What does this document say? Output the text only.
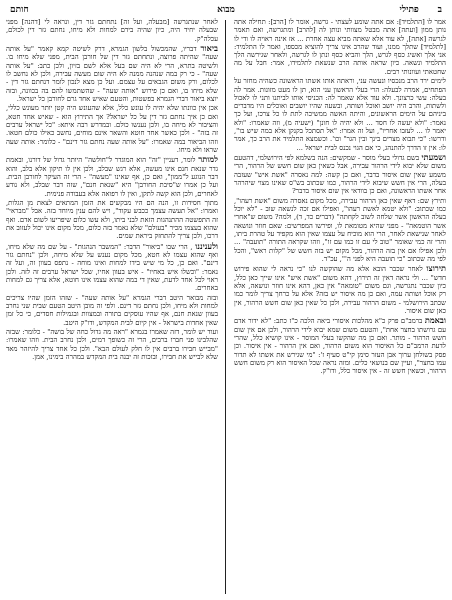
ב      פתילי
מבוא
חותם

אמר לו [התלמיד]: אם אתה שומע לעצתי - גרשה, אומר לו [הרב]: תחילה אתה נותן ממון [ועתה] אתה מבטל מצוותי ונותן לה [להרב] ומתגרשה, ואם תאמר לגרשה [אתה], לא עוד אלא שאתה מביא עצה אחרת ... אז אינה ראויה לו ודי לו [לתלמיד] שתלך ממנו, ועוד שהרב אינו צריך להוציא מכספו, ואמר לו התלמיד: אני אלך ואשיג כסף לגרש, הלך והביא כסף ונתן לו לגרשה, ולאחר שגירשה הלך התלמיד ונשאה. כיון שראה אותה הרב שנשאת לתלמידו, אמר: חבל על מה שחטאתי ועוונותי רבים.

לימים ירד הרב מנכסיו ונעשה עני, וראתה אותו אשתו הראשונה כשהיה מחזר על הפתחים, אמרה לבעלה: הרי בעלי הראשון עני הוא, תן לו מעט מזונות. אמר לה בעלה: עשי כרצונך. ולא עוד אלא שאמר לה: הכניסי אותו לביתנו ותני לו לאכול ולשתות, והרב היה יושב ואוכל ושותה, ובשעה שהיו יושבים ואוכלים היו מדברים ביניהם על הימים הראשונים, והיתה האשה ממשיכה לתת לו כל צרכו, ועל כך נאמר: "ולא יעשה לו חסד ... ולא יהיה לו חונן" (ישעיה מ), וזה שאמרו: "ולא יאמר לו ... לעזבו אחריו", ועל זה אמרו: "אל תסתכל בקנקן אלא במה שיש בו", ודרשו: "כי תבוא מצרים בינך ובין הגר" וכו'. וכשמצא התלמיד את הרב כך, אמר לו: אין זו הדרך להתנהג, כי אם הגוי נכנס לבית ישראל ...

ושמעתי בשם גדולי בעלי מוסר - שמקשים: הנה בשלמא לפי הירושלמי, דהטעם משום שלא יבוא לידי הרהור עבירה, אבל כשאין כאן שום חשש של הרהור, הרי משמע שאין שום איסור בדבר, ואם כן קשה: למה נאסרה "אשת איש" שעזבה בעלה, הרי אין חשש שיבוא לידי הרהור, כמו שכתוב בש"ס שאינו מצוי שיהרהר אחר אשתו הראשונה, ואם כן בוודאי אין שום איסור בדבר?

ותירץ שם: דאף שאין כאן הרהור עבירה, מכל מקום נאסרה משום "אשת רעהו", כמו שכתוב: "ולא יטמא לאשת רעהו", ואפילו אם זכה לנשאה שוב - "לא יוכל בעלה הראשון אשר שלחה לשוב לקחתה" (דברים כד, ד), ולמה? משום ש"אחרי אשר הוטמאה" - מפני שהיא מטומאת לו, ופירשו המפרשים: שאם חוזר ונושאה לאחר שנישאת לאחר, הרי הוא מוכיח על עצמו שאין הוא מקפיד על טהרת ביתו, והרי זה כמי שאומר "טוב לי עם זו כמו עם זו", וזהו שקראה התורה "תועבה" ... ולכן אפילו אם אין בזה הרהור, מכל מקום יש בזה חשש של "קלות ראש", והכל לפי מה שכתוב "כי תועבה היא לפני ה'", עכ"ד.

תירוצו לאחר שכבר הובא אלא מה שהוקשה לנו "כי נראה לי שהוא פירוש חדש" ... ולי נראה דאין זה תירוץ, דהא משום "אשת איש" אינו שייך כאן כלל, כיון שכבר נתגרשה, וגם משום "טומאה" אין כאן, דהא אינו חוזר ונושאה, אלא רק אוכל ושותה עמה, ואם כן מה איסור יש בזה? אלא על כרחך צריך לומר כמו שכתב הירושלמי - משום הרהור עבירה, ולכן כל שאין כאן שום חשש הרהור, אין כאן שום איסור.

ובאמת ברמב"ם פרק כ"א מהלכות איסורי ביאה הלכה כ"ז כתב: "לא ידור אדם עם גרושתו בחצר אחת", והטעם משום שמא יבוא לידי הרהור, ולכן אם אין שום חשש הרהור - מותר. ואם כן מה שהקשו בעלי המוסר - אינו קושיא כלל, שהרי לדעת הרמב"ם כל האיסור הוא משום הרהור, ואם אין הרהור - אין איסור. וכן פסק בשולחן ערוך אבן העזר סימן קי"ט סעיף ז': "מי שגירש את אשתו לא תדור עמו בחצר", ועיין שם בנושאי כלים. ומזה נראה שכל האיסור הוא רק משום חשש הרהור, וכשאין חשש זה - אין איסור כלל, ודו"ק.

לאחר שנתגרשה [מבעלה, ועל זה] נתחתם גזר דין, ונראה לי [דהנה] מפני שבעלה יחיד היה, כיון שהיה בידם למחות ולא מיחו, נחתם גזר דין לכולם, עכלה"ק.

ביאור דבריו, שהמכשול בלשון הגמרא, דרק לשיטה קמא קאמר "על אותה שעה" שהיתה פרוצה, ונתחתם גזר דין של חורבן הבית, מפני שלא מיחו בו. ולשיטה בתרא, הרי לא היה שם בעל אלא לשם בזיון, ולכן כתב: "על אותה שעה" - כי רק במה שנהנה ממנה לא היה שום מעשה עבירה, ולכן לא נחשב לו לכלום, ורק משום הגבאים על עצמם. ועל כן מצא לנכון לומר דנחתם גזר דין - שלא מיחו בו, ואם כן פירוש "אותה שעה" - שהשתמשו להם בה בכוונה, ובזה יוצא ביאור דברי הגמרא בפשטות, והטעם שאיש אחד גרם לחורבן כל ישראל.

אכן אין כוונתו שלא יהיה לו עונש כלל, אלא שהעונש היה קטן יותר מעונש כללי, ואם כן איך נחתם גזר דין על כל ישראל? אך התירוץ הוא - שאיש אחד חטא, והציבור לא מיחה בו, ולכן נענשו כולם. ובמדרש רבה איתא: "כל ישראל ערבים זה בזה" - ולכן כאשר אחד חוטא והשאר אינם מוחים, נחשב כאילו כולם חטאו. וזהו הביאור במה שאמרו: "על אותה שעה נחתם גזר דינם" - כלומר: אותה שעה שראו ולא מיחו.

למותר לומר, דעניין "זה" הוא המוגדר ל"חולשה" היותר גדול של דורנו, ובאמת גדר שנאת חנם אינו מעשה, אלא רגש שבלב, ולכן אין לו תיקון אלא בלב, והוא דבר הנוגע ל"ממון", ואם כן, אף שאינו "מעשה" - הרי זה העיקר לחורבן הבית. ועל כן אמרו ש"סיבת החורבן" היא "שנאת חנם", שזה דבר שבלב, ולא נודע לאחרים, ולכן הוא קשה לתקן, ואין לו רפואה אלא בעבודה פנימית.

מתוך חסידות זו, הנה הם היו מבקשים את הזמן המתאים לצאת מן הגלות, ואמרו: "אל תעשה עצמך ככבש עקוד", ויש להם ענין מיוחד בזה. אבל "מבראי" זה התפשטה ההתנהגות הזאת לבני ביתו, ולא עשו כלום שיפריעו לשום אדם. ואף שהוא בעצמו מכיר "בעולם" שלא נאמר בזה כלום, מכל מקום אינו יכול לעזוב את דרכו, ולכן צריך להתחזק ביראת שמים.

ולעניננו , הרי שבו "ביאור" הדבר: "המשבר הנהגות" - על שם מה שלא מיחו, ואף שהוא עצמו לא חטא, מכל מקום נענש על שלא מיחה, ולכן "נחתם גזר דינם". ואם כן, כל מי שיש בידו למחות ואינו מוחה - נתפס בעוון זה, ועל זה נאמר: "וכשלו איש באחיו" - איש בעוון אחיו, שכל ישראל ערבים זה לזה. ולכן ראוי לכל אחד לדעת, שאין די במה שהוא עצמו אינו חוטא, אלא צריך גם למחות באחרים.

ובזה מבואר היטב דברי הגמרא "על אותה שעה" - שזהו הזמן שהיו צריכים למחות ולא מיחו, ולכן נחתם גזר דינם. ולפי זה מובן היטב הטעם שבית שני נחרב בעוון שנאת חנם, אף שהיו עוסקים בתורה ובמצוות ובגמילות חסדים, כי כל זמן שאין אחדות בישראל - אין קיום לבית המקדש, ודו"ק היטב.

ועוד יש לומר, דזה שאמרו בגמרא "ראה מה גדול כחה של בושה" - כלומר: שבזה שהלבינו פני חברו ברבים, הרי זה כשופך דמים, ולכן נחרב הבית. וזהו שאמרו: "מבייש חבירו ברבים אין לו חלק לעולם הבא". ולכן כל אחד צריך להיזהר מאד שלא לבייש את חבירו, ובזכות זה יבנה בית המקדש במהרה בימינו, אמן.
